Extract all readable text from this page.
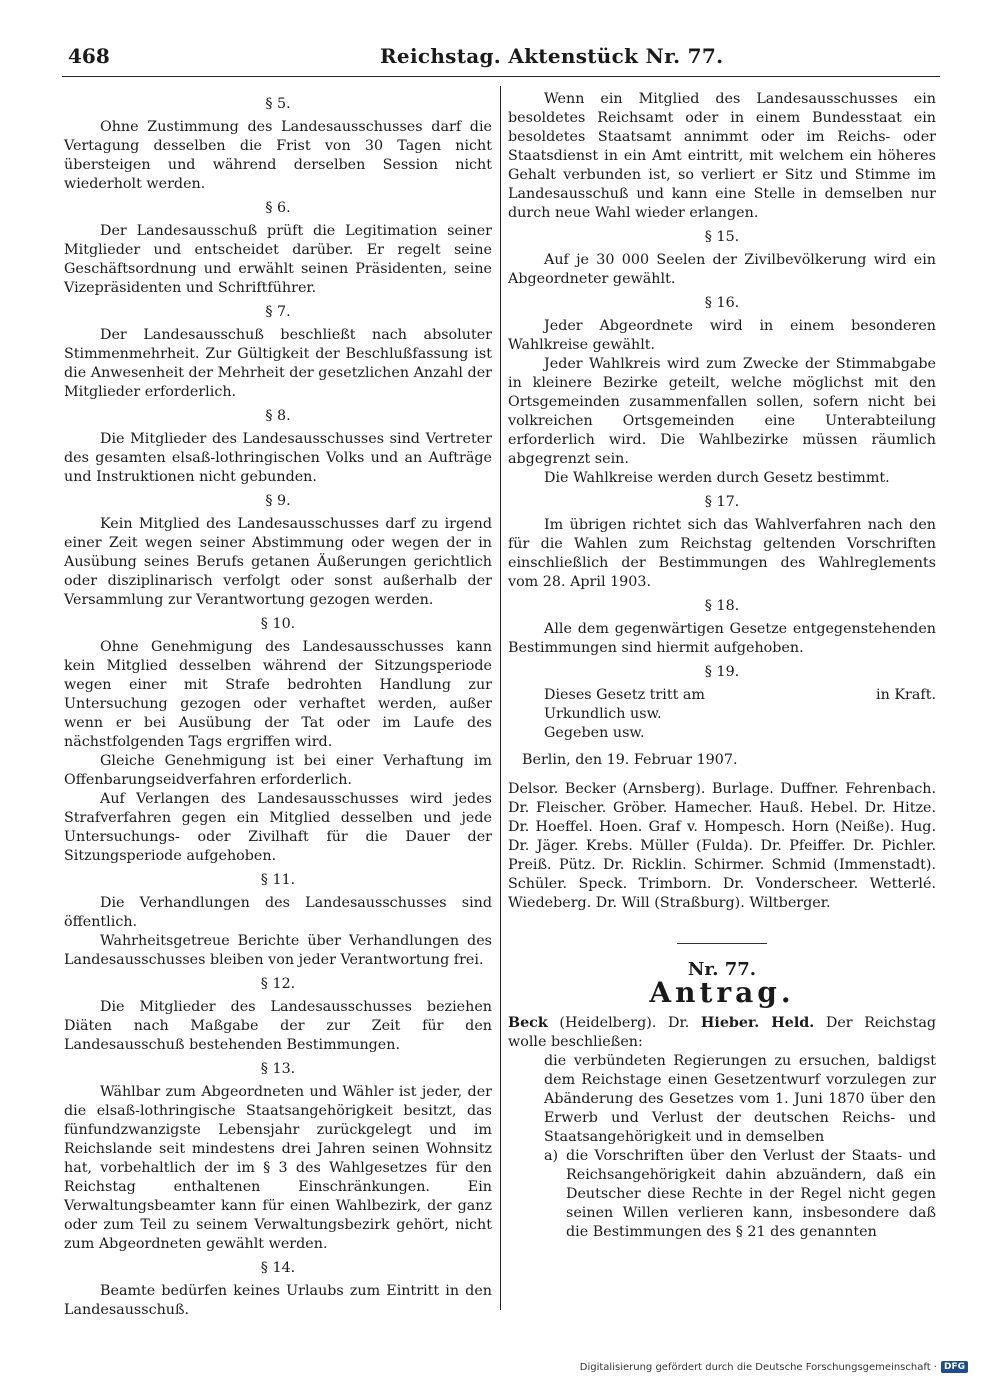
468	Reichstag. Aktenstück Nr. 77.
§ 5.

Ohne Zustimmung des Landesausschusses darf die Vertagung desselben die Frist von 30 Tagen nicht übersteigen und während derselben Session nicht wiederholt werden.

§ 6.

Der Landesausschuß prüft die Legitimation seiner Mitglieder und entscheidet darüber. Er regelt seine Geschäftsordnung und erwählt seinen Präsidenten, seine Vizepräsidenten und Schriftführer.

§ 7.

Der Landesausschuß beschließt nach absoluter Stimmenmehrheit. Zur Gültigkeit der Beschlußfassung ist die Anwesenheit der Mehrheit der gesetzlichen Anzahl der Mitglieder erforderlich.

§ 8.

Die Mitglieder des Landesausschusses sind Vertreter des gesamten elsaß-lothringischen Volks und an Aufträge und Instruktionen nicht gebunden.

§ 9.

Kein Mitglied des Landesausschusses darf zu irgend einer Zeit wegen seiner Abstimmung oder wegen der in Ausübung seines Berufs getanen Äußerungen gerichtlich oder disziplinarisch verfolgt oder sonst außerhalb der Versammlung zur Verantwortung gezogen werden.

§ 10.

Ohne Genehmigung des Landesausschusses kann kein Mitglied desselben während der Sitzungsperiode wegen einer mit Strafe bedrohten Handlung zur Untersuchung gezogen oder verhaftet werden, außer wenn er bei Ausübung der Tat oder im Laufe des nächstfolgenden Tags ergriffen wird.

Gleiche Genehmigung ist bei einer Verhaftung im Offenbarungseidverfahren erforderlich.

Auf Verlangen des Landesausschusses wird jedes Strafverfahren gegen ein Mitglied desselben und jede Untersuchungs- oder Zivilhaft für die Dauer der Sitzungsperiode aufgehoben.

§ 11.

Die Verhandlungen des Landesausschusses sind öffentlich.

Wahrheitsgetreue Berichte über Verhandlungen des Landesausschusses bleiben von jeder Verantwortung frei.

§ 12.

Die Mitglieder des Landesausschusses beziehen Diäten nach Maßgabe der zur Zeit für den Landesausschuß bestehenden Bestimmungen.

§ 13.

Wählbar zum Abgeordneten und Wähler ist jeder, der die elsaß-lothringische Staatsangehörigkeit besitzt, das fünfundzwanzigste Lebensjahr zurückgelegt und im Reichslande seit mindestens drei Jahren seinen Wohnsitz hat, vorbehaltlich der im § 3 des Wahlgesetzes für den Reichstag enthaltenen Einschränkungen. Ein Verwaltungsbeamter kann für einen Wahlbezirk, der ganz oder zum Teil zu seinem Verwaltungsbezirk gehört, nicht zum Abgeordneten gewählt werden.

§ 14.

Beamte bedürfen keines Urlaubs zum Eintritt in den Landesausschuß.

Wenn ein Mitglied des Landesausschusses ein besoldetes Reichsamt oder in einem Bundesstaat ein besoldetes Staatsamt annimmt oder im Reichs- oder Staatsdienst in ein Amt eintritt, mit welchem ein höheres Gehalt verbunden ist, so verliert er Sitz und Stimme im Landesausschuß und kann eine Stelle in demselben nur durch neue Wahl wieder erlangen.

§ 15.

Auf je 30 000 Seelen der Zivilbevölkerung wird ein Abgeordneter gewählt.

§ 16.

Jeder Abgeordnete wird in einem besonderen Wahlkreise gewählt.

Jeder Wahlkreis wird zum Zwecke der Stimmabgabe in kleinere Bezirke geteilt, welche möglichst mit den Ortsgemeinden zusammenfallen sollen, sofern nicht bei volkreichen Ortsgemeinden eine Unterabteilung erforderlich wird. Die Wahlbezirke müssen räumlich abgegrenzt sein.

Die Wahlkreise werden durch Gesetz bestimmt.

§ 17.

Im übrigen richtet sich das Wahlverfahren nach den für die Wahlen zum Reichstag geltenden Vorschriften einschließlich der Bestimmungen des Wahlreglements vom 28. April 1903.

§ 18.

Alle dem gegenwärtigen Gesetze entgegenstehenden Bestimmungen sind hiermit aufgehoben.

§ 19.
Dieses Gesetz tritt am	in Kraft.

Urkundlich usw.

Gegeben usw.

Berlin, den 19. Februar 1907.

Delsor. Becker (Arnsberg). Burlage. Duffner. Fehrenbach. Dr. Fleischer. Gröber. Hamecher. Hauß. Hebel. Dr. Hitze. Dr. Hoeffel. Hoen. Graf v. Hompesch. Horn (Neiße). Hug. Dr. Jäger. Krebs. Müller (Fulda). Dr. Pfeiffer. Dr. Pichler. Preiß. Pütz. Dr. Ricklin. Schirmer. Schmid (Immenstadt). Schüler. Speck. Trimborn. Dr. Vonderscheer. Wetterlé. Wiedeberg. Dr. Will (Straßburg). Wiltberger.

Nr. 77.
Antrag.

Beck (Heidelberg). Dr. Hieber. Held. Der Reichstag wolle beschließen:

die verbündeten Regierungen zu ersuchen, baldigst dem Reichstage einen Gesetzentwurf vorzulegen zur Abänderung des Gesetzes vom 1. Juni 1870 über den Erwerb und Verlust der deutschen Reichs- und Staatsangehörigkeit und in demselben

a) die Vorschriften über den Verlust der Staats- und Reichsangehörigkeit dahin abzuändern, daß ein Deutscher diese Rechte in der Regel nicht gegen seinen Willen verlieren kann, insbesondere daß die Bestimmungen des § 21 des genannten
Digitalisierung gefördert durch die Deutsche Forschungsgemeinschaft · DFG
